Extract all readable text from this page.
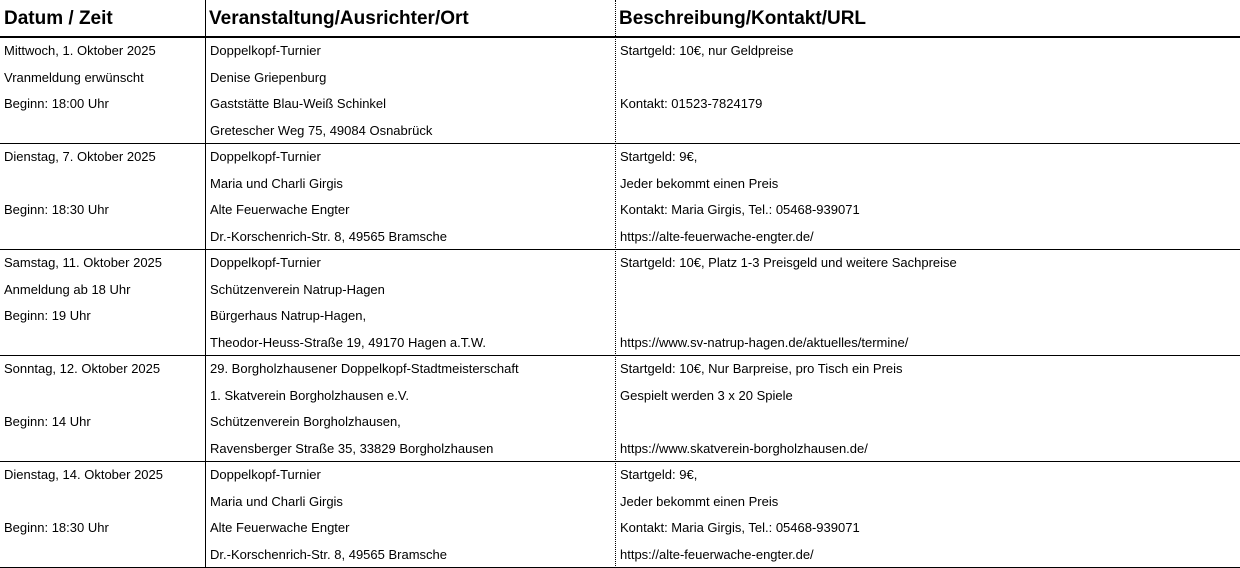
Datum / Zeit	Veranstaltung/Ausrichter/Ort	Beschreibung/Kontakt/URL
Mittwoch, 1. Oktober 2025
Vranmeldung erwünscht
Beginn: 18:00 Uhr
Doppelkopf-Turnier
Denise Griepenburg
Gaststätte Blau-Weiß Schinkel
Gretescher Weg 75, 49084 Osnabrück
Startgeld: 10€, nur Geldpreise
Kontakt: 01523-7824179
Dienstag, 7. Oktober 2025
Beginn: 18:30 Uhr
Doppelkopf-Turnier
Maria und Charli Girgis
Alte Feuerwache Engter
Dr.-Korschenrich-Str. 8, 49565 Bramsche
Startgeld: 9€,
Jeder bekommt einen Preis
Kontakt: Maria Girgis, Tel.: 05468-939071
https://alte-feuerwache-engter.de/
Samstag, 11. Oktober 2025
Anmeldung ab 18 Uhr
Beginn: 19 Uhr
Doppelkopf-Turnier
Schützenverein Natrup-Hagen
Bürgerhaus Natrup-Hagen,
Theodor-Heuss-Straße 19, 49170 Hagen a.T.W.
Startgeld: 10€, Platz 1-3 Preisgeld und weitere Sachpreise
https://www.sv-natrup-hagen.de/aktuelles/termine/
Sonntag, 12. Oktober 2025
Beginn: 14 Uhr
29. Borgholzhausener Doppelkopf-Stadtmeisterschaft
1. Skatverein Borgholzhausen e.V.
Schützenverein Borgholzhausen,
Ravensberger Straße 35, 33829 Borgholzhausen
Startgeld: 10€, Nur Barpreise, pro Tisch ein Preis
Gespielt werden 3 x 20 Spiele
https://www.skatverein-borgholzhausen.de/
Dienstag, 14. Oktober 2025
Beginn: 18:30 Uhr
Doppelkopf-Turnier
Maria und Charli Girgis
Alte Feuerwache Engter
Dr.-Korschenrich-Str. 8, 49565 Bramsche
Startgeld: 9€,
Jeder bekommt einen Preis
Kontakt: Maria Girgis, Tel.: 05468-939071
https://alte-feuerwache-engter.de/
